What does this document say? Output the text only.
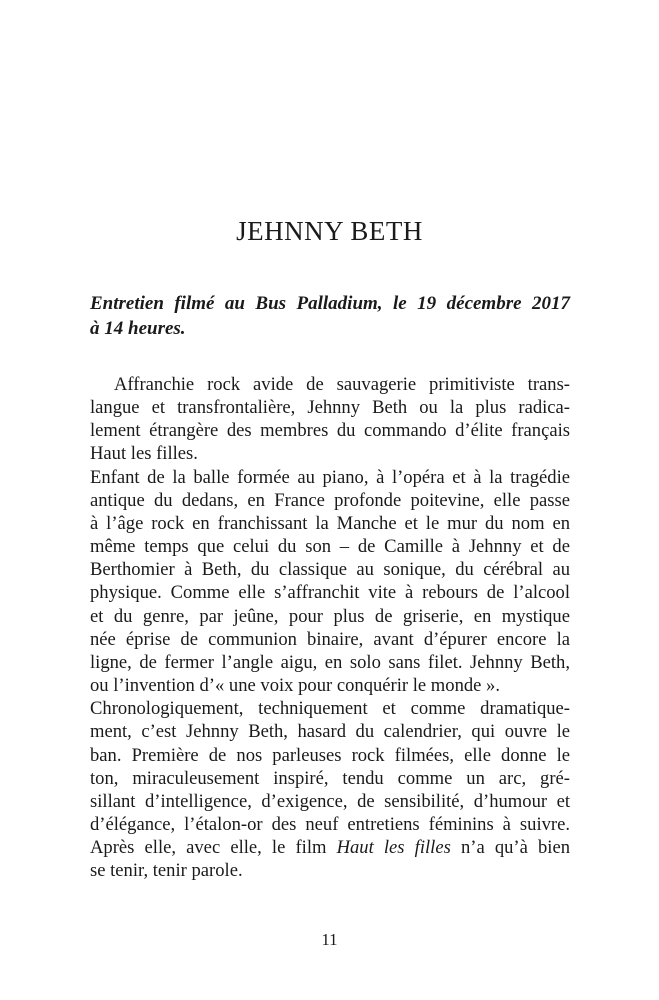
JEHNNY BETH

Entretien filmé au Bus Palladium, le 19 décembre 2017
à 14 heures.

Affranchie rock avide de sauvagerie primitiviste trans-
langue et transfrontalière, Jehnny Beth ou la plus radica-
lement étrangère des membres du commando d’élite français
Haut les filles.
Enfant de la balle formée au piano, à l’opéra et à la tragédie
antique du dedans, en France profonde poitevine, elle passe
à l’âge rock en franchissant la Manche et le mur du nom en
même temps que celui du son – de Camille à Jehnny et de
Berthomier à Beth, du classique au sonique, du cérébral au
physique. Comme elle s’affranchit vite à rebours de l’alcool
et du genre, par jeûne, pour plus de griserie, en mystique
née éprise de communion binaire, avant d’épurer encore la
ligne, de fermer l’angle aigu, en solo sans filet. Jehnny Beth,
ou l’invention d’« une voix pour conquérir le monde ».
Chronologiquement, techniquement et comme dramatique-
ment, c’est Jehnny Beth, hasard du calendrier, qui ouvre le
ban. Première de nos parleuses rock filmées, elle donne le
ton, miraculeusement inspiré, tendu comme un arc, gré-
sillant d’intelligence, d’exigence, de sensibilité, d’humour et
d’élégance, l’étalon-or des neuf entretiens féminins à suivre.
Après elle, avec elle, le film Haut les filles n’a qu’à bien
se tenir, tenir parole.
11
